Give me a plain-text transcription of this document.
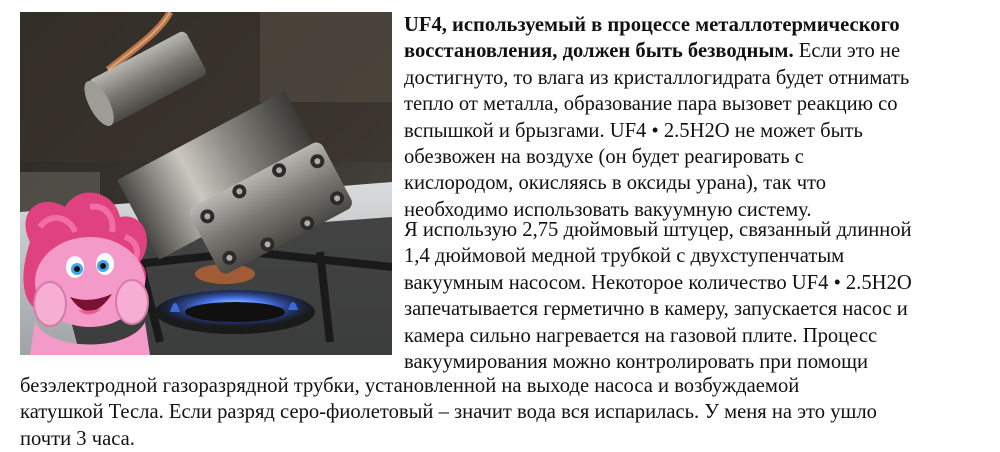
UF4, используемый в процессе металлотермического
восстановления, должен быть безводным. Если это не
достигнуто, то влага из кристаллогидрата будет отнимать
тепло от металла, образование пара вызовет реакцию со
вспышкой и брызгами. UF4 • 2.5H2O не может быть
обезвожен на воздухе (он будет реагировать с
кислородом, окисляясь в оксиды урана), так что
необходимо использовать вакуумную систему.

Я использую 2,75 дюймовый штуцер, связанный длинной
1,4 дюймовой медной трубкой с двухступенчатым
вакуумным насосом. Некоторое количество UF4 • 2.5H2O
запечатывается герметично в камеру, запускается насос и
камера сильно нагревается на газовой плите. Процесс
вакуумирования можно контролировать при помощи

безэлектродной газоразрядной трубки, установленной на выходе насоса и возбуждаемой
катушкой Тесла. Если разряд серо-фиолетовый – значит вода вся испарилась. У меня на это ушло
почти 3 часа.
